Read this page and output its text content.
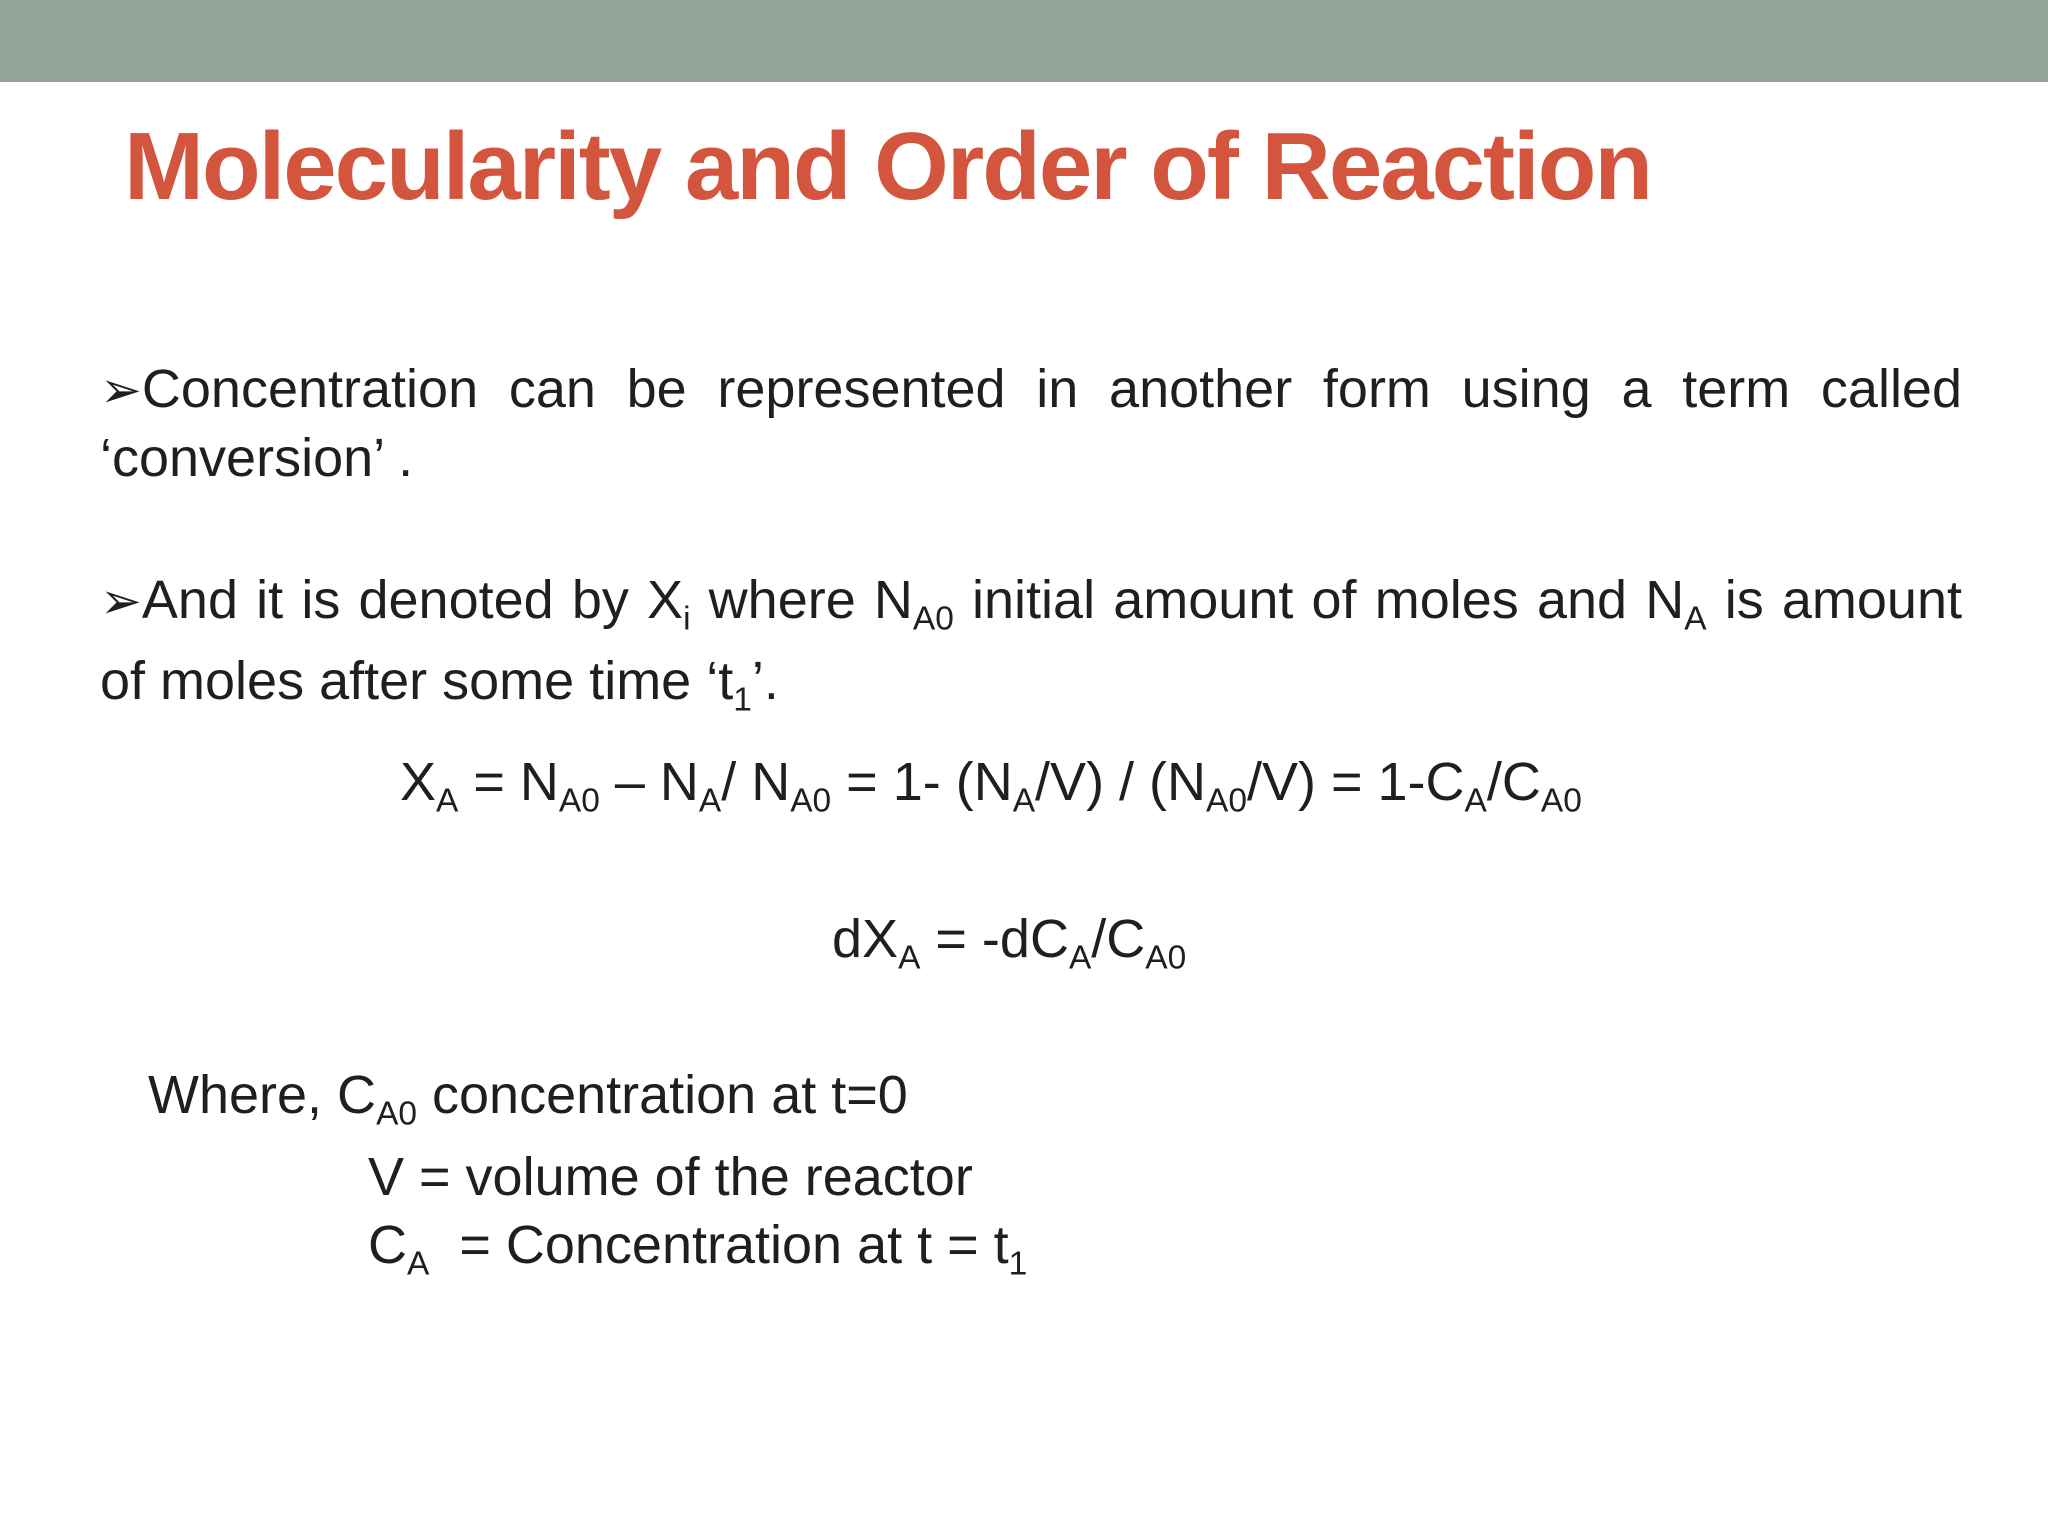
Molecularity and Order of Reaction
➢Concentration can be represented in another form using a term called ‘conversion’ .
➢And it is denoted by $X_i$ where $N_{A0}$ initial amount of moles and $N_A$ is amount of moles after some time ‘$t_1$’.
$X_A = N_{A0} - N_A/$ $N_{A0} = 1-$ $(N_A/V) / (N_{A0}/V) = 1-C_A/C_{A0}$
$dX_A = -dC_A/C_{A0}$
Where, $C_{A0}$ concentration at t=0
V = volume of the reactor
$C_A$  = Concentration at $t = t_1$
